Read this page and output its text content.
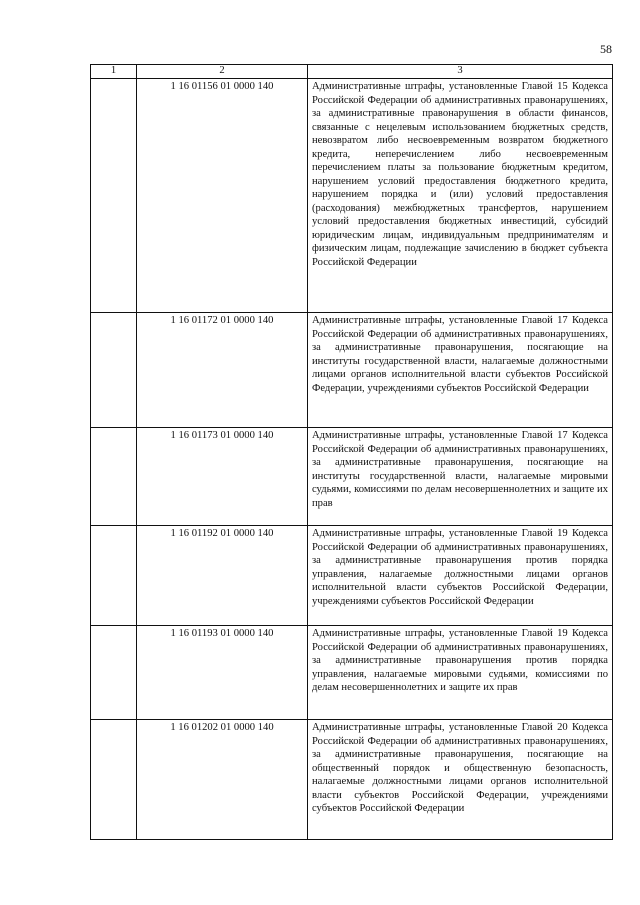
58
1	2	3
	1 16 01156 01 0000 140	Административные штрафы, установленные Главой 15 Кодекса Российской Федерации об административных правонарушениях, за административные правонарушения в области финансов, связанные с нецелевым использованием бюджетных средств, невозвратом либо несвоевременным возвратом бюджетного кредита, неперечислением либо несвоевременным перечислением платы за пользование бюджетным кредитом, нарушением условий предоставления бюджетного кредита, нарушением порядка и (или) условий предоставления (расходования) межбюджетных трансфертов, нарушением условий предоставления бюджетных инвестиций, субсидий юридическим лицам, индивидуальным предпринимателям и физическим лицам, подлежащие зачислению в бюджет субъекта Российской Федерации
	1 16 01172 01 0000 140	Административные штрафы, установленные Главой 17 Кодекса Российской Федерации об административных правонарушениях, за административные правонарушения, посягающие на институты государственной власти, налагаемые должностными лицами органов исполнительной власти субъектов Российской Федерации, учреждениями субъектов Российской Федерации
	1 16 01173 01 0000 140	Административные штрафы, установленные Главой 17 Кодекса Российской Федерации об административных правонарушениях, за административные правонарушения, посягающие на институты государственной власти, налагаемые мировыми судьями, комиссиями по делам несовершеннолетних и защите их прав
	1 16 01192 01 0000 140	Административные штрафы, установленные Главой 19 Кодекса Российской Федерации об административных правонарушениях, за административные правонарушения против порядка управления, налагаемые должностными лицами органов исполнительной власти субъектов Российской Федерации, учреждениями субъектов Российской Федерации
	1 16 01193 01 0000 140	Административные штрафы, установленные Главой 19 Кодекса Российской Федерации об административных правонарушениях, за административные правонарушения против порядка управления, налагаемые мировыми судьями, комиссиями по делам несовершеннолетних и защите их прав
	1 16 01202 01 0000 140	Административные штрафы, установленные Главой 20 Кодекса Российской Федерации об административных правонарушениях, за административные правонарушения, посягающие на общественный порядок и общественную безопасность, налагаемые должностными лицами органов исполнительной власти субъектов Российской Федерации, учреждениями субъектов Российской Федерации
